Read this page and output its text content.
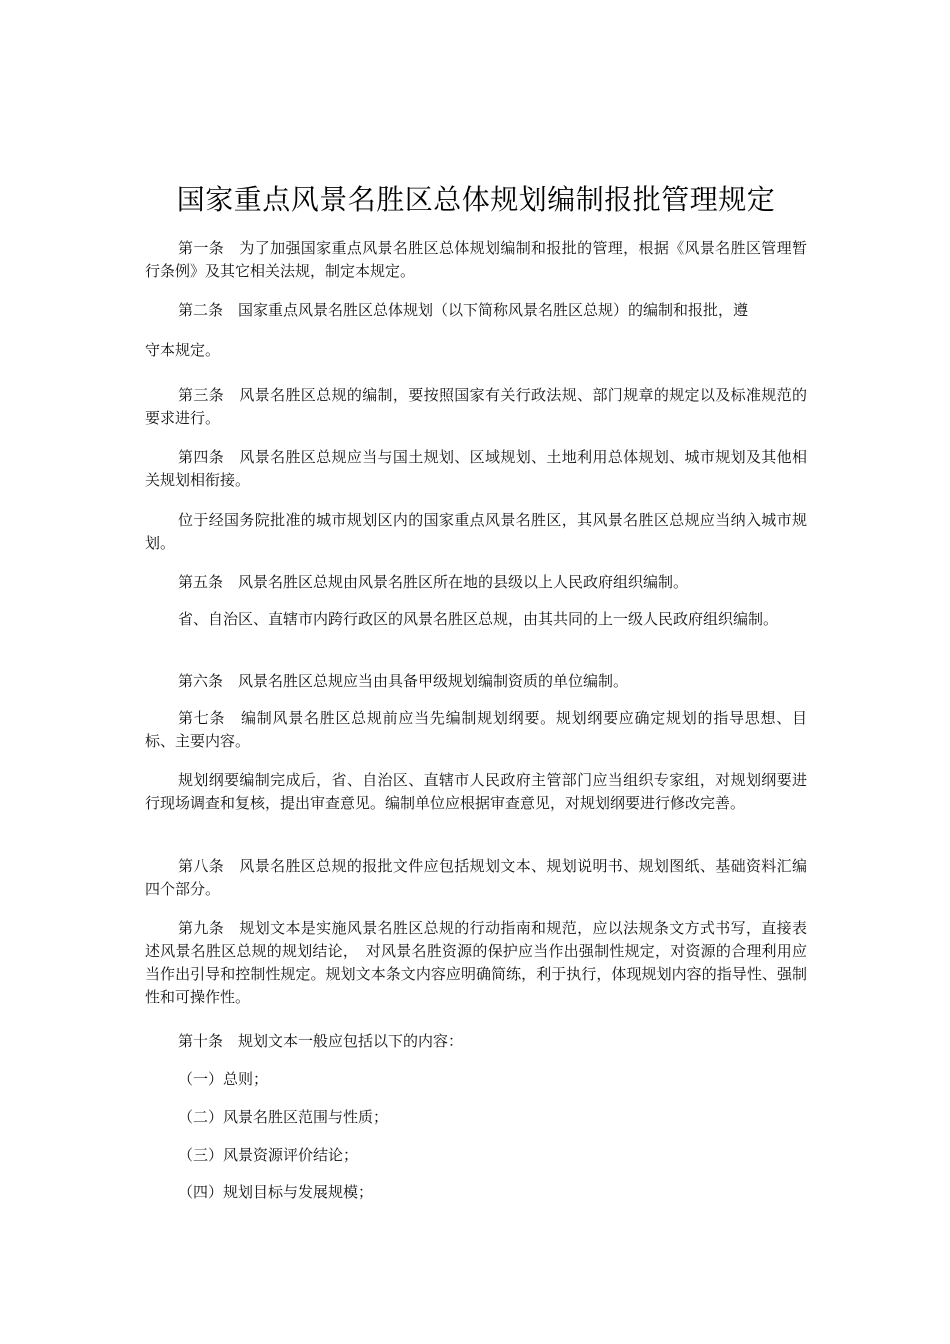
国家重点风景名胜区总体规划编制报批管理规定

第一条　为了加强国家重点风景名胜区总体规划编制和报批的管理，根据《风景名胜区管理暂行条例》及其它相关法规，制定本规定。

第二条　国家重点风景名胜区总体规划（以下简称风景名胜区总规）的编制和报批，遵

守本规定。

第三条　风景名胜区总规的编制，要按照国家有关行政法规、部门规章的规定以及标准规范的要求进行。

第四条　风景名胜区总规应当与国土规划、区域规划、土地利用总体规划、城市规划及其他相关规划相衔接。

位于经国务院批准的城市规划区内的国家重点风景名胜区，其风景名胜区总规应当纳入城市规划。

第五条　风景名胜区总规由风景名胜区所在地的县级以上人民政府组织编制。

省、自治区、直辖市内跨行政区的风景名胜区总规，由其共同的上一级人民政府组织编制。

第六条　风景名胜区总规应当由具备甲级规划编制资质的单位编制。

第七条　编制风景名胜区总规前应当先编制规划纲要。规划纲要应确定规划的指导思想、目标、主要内容。

规划纲要编制完成后，省、自治区、直辖市人民政府主管部门应当组织专家组，对规划纲要进行现场调查和复核，提出审查意见。编制单位应根据审查意见，对规划纲要进行修改完善。

第八条　风景名胜区总规的报批文件应包括规划文本、规划说明书、规划图纸、基础资料汇编四个部分。

第九条　规划文本是实施风景名胜区总规的行动指南和规范，应以法规条文方式书写，直接表述风景名胜区总规的规划结论，　对风景名胜资源的保护应当作出强制性规定，对资源的合理利用应当作出引导和控制性规定。规划文本条文内容应明确简练，利于执行，体现规划内容的指导性、强制性和可操作性。

第十条　规划文本一般应包括以下的内容：

（一）总则；

（二）风景名胜区范围与性质；

（三）风景资源评价结论；

（四）规划目标与发展规模；
